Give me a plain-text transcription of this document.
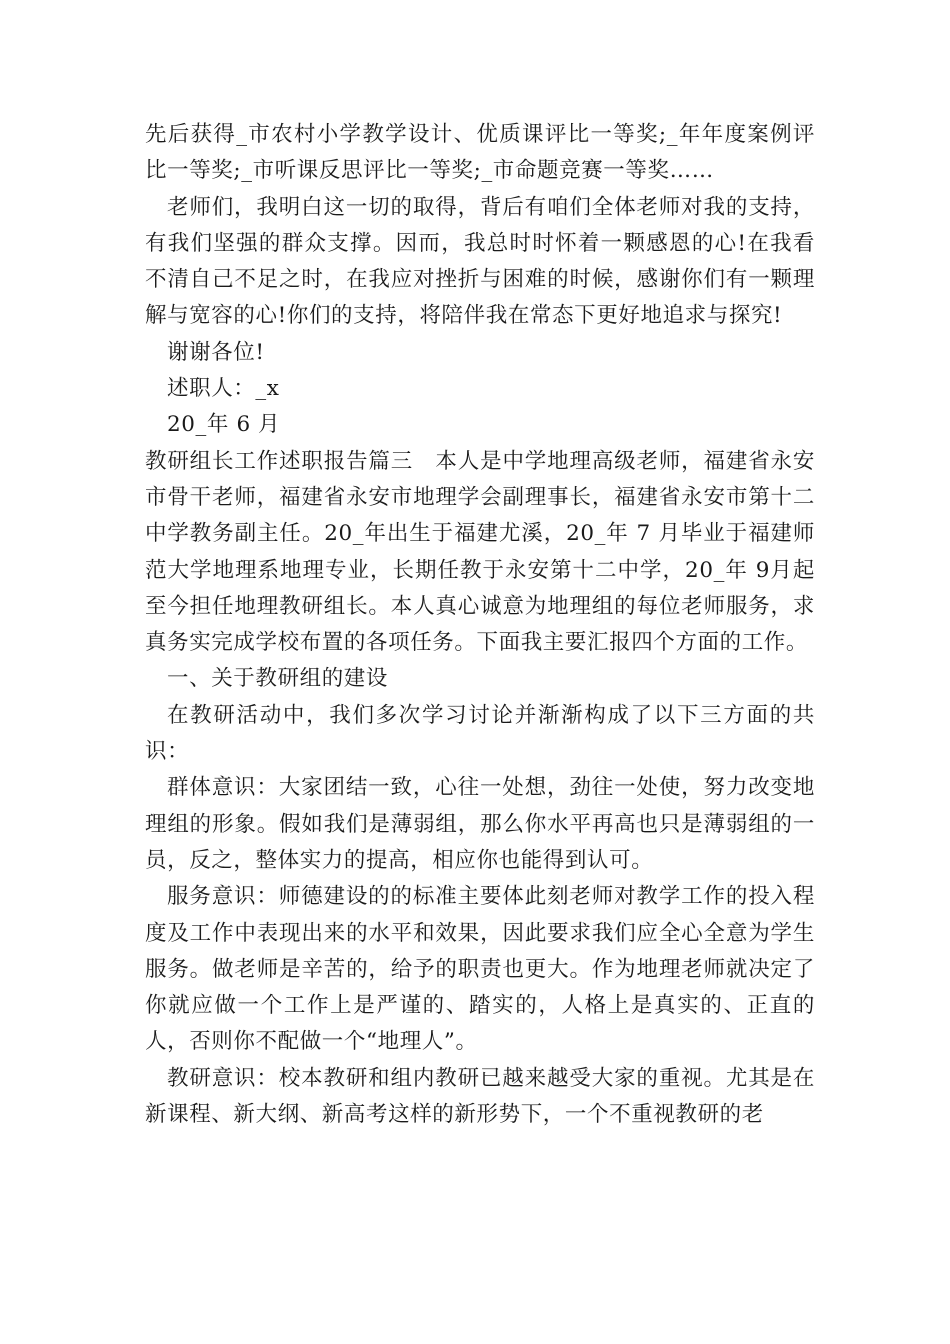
先后获得_市农村小学教学设计、优质课评比一等奖;_年年度案例评比一等奖;_市听课反思评比一等奖;_市命题竞赛一等奖……

老师们，我明白这一切的取得，背后有咱们全体老师对我的支持，有我们坚强的群众支撑。因而，我总时时怀着一颗感恩的心!在我看不清自己不足之时，在我应对挫折与困难的时候，感谢你们有一颗理解与宽容的心!你们的支持，将陪伴我在常态下更好地追求与探究!

谢谢各位!

述职人：_x

20_年 6 月

教研组长工作述职报告篇三　本人是中学地理高级老师，福建省永安市骨干老师，福建省永安市地理学会副理事长，福建省永安市第十二中学教务副主任。20_年出生于福建尤溪，20_年 7 月毕业于福建师范大学地理系地理专业，长期任教于永安第十二中学，20_年 9月起至今担任地理教研组长。本人真心诚意为地理组的每位老师服务，求真务实完成学校布置的各项任务。下面我主要汇报四个方面的工作。

一、关于教研组的建设

在教研活动中，我们多次学习讨论并渐渐构成了以下三方面的共识：

群体意识：大家团结一致，心往一处想，劲往一处使，努力改变地理组的形象。假如我们是薄弱组，那么你水平再高也只是薄弱组的一员，反之，整体实力的提高，相应你也能得到认可。

服务意识：师德建设的的标准主要体此刻老师对教学工作的投入程度及工作中表现出来的水平和效果，因此要求我们应全心全意为学生服务。做老师是辛苦的，给予的职责也更大。作为地理老师就决定了你就应做一个工作上是严谨的、踏实的，人格上是真实的、正直的人，否则你不配做一个“地理人”。

教研意识：校本教研和组内教研已越来越受大家的重视。尤其是在新课程、新大纲、新高考这样的新形势下，一个不重视教研的老
